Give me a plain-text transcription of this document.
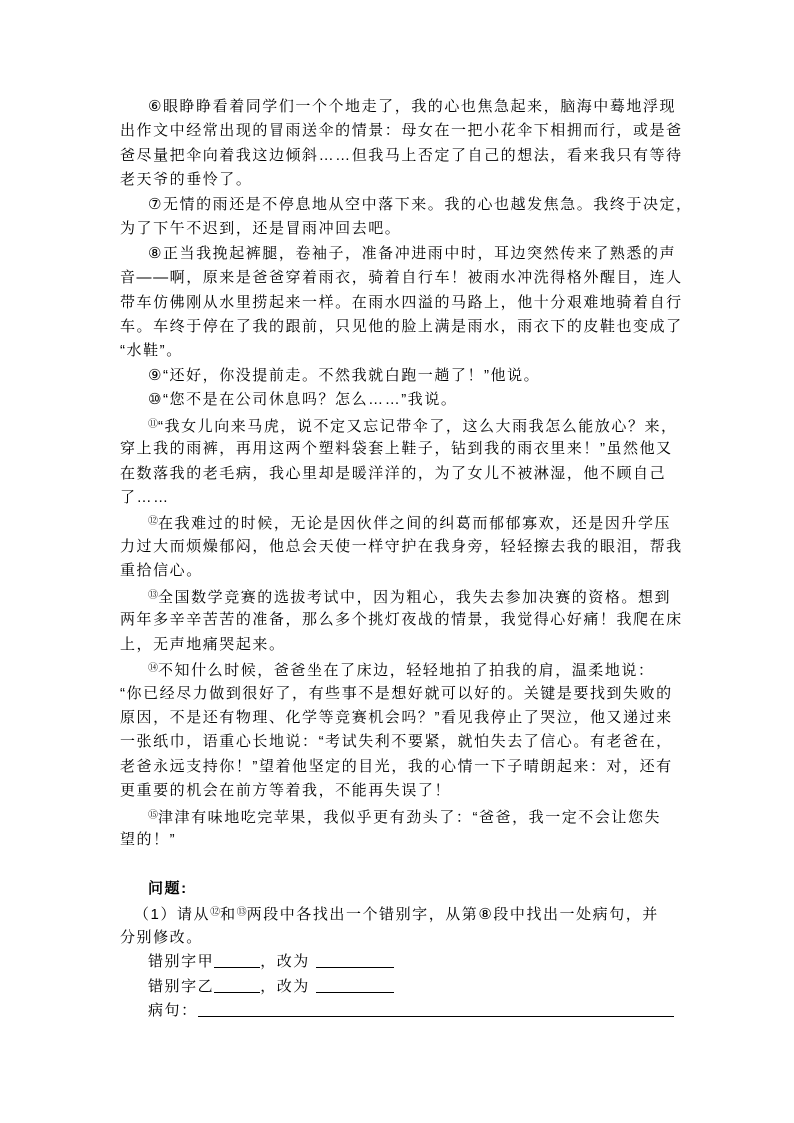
⑥眼睁睁看着同学们一个个地走了，我的心也焦急起来，脑海中蓦地浮现
出作文中经常出现的冒雨送伞的情景：母女在一把小花伞下相拥而行，或是爸
爸尽量把伞向着我这边倾斜……但我马上否定了自己的想法，看来我只有等待
老天爷的垂怜了。
⑦无情的雨还是不停息地从空中落下来。我的心也越发焦急。我终于决定，
为了下午不迟到，还是冒雨冲回去吧。
⑧正当我挽起裤腿，卷袖子，准备冲进雨中时，耳边突然传来了熟悉的声
音——啊，原来是爸爸穿着雨衣，骑着自行车！被雨水冲洗得格外醒目，连人
带车仿佛刚从水里捞起来一样。在雨水四溢的马路上，他十分艰难地骑着自行
车。车终于停在了我的跟前，只见他的脸上满是雨水，雨衣下的皮鞋也变成了
“水鞋”。
⑨“还好，你没提前走。不然我就白跑一趟了！”他说。
⑩“您不是在公司休息吗？怎么……”我说。
⑪“我女儿向来马虎，说不定又忘记带伞了，这么大雨我怎么能放心？来，
穿上我的雨裤，再用这两个塑料袋套上鞋子，钻到我的雨衣里来！”虽然他又
在数落我的老毛病，我心里却是暖洋洋的，为了女儿不被淋湿，他不顾自己
了……
⑫在我难过的时候，无论是因伙伴之间的纠葛而郁郁寡欢，还是因升学压
力过大而烦燥郁闷，他总会天使一样守护在我身旁，轻轻擦去我的眼泪，帮我
重拾信心。
⑬全国数学竞赛的选拔考试中，因为粗心，我失去参加决赛的资格。想到
两年多辛辛苦苦的准备，那么多个挑灯夜战的情景，我觉得心好痛！我爬在床
上，无声地痛哭起来。
⑭不知什么时候，爸爸坐在了床边，轻轻地拍了拍我的肩，温柔地说：
“你已经尽力做到很好了，有些事不是想好就可以好的。关键是要找到失败的
原因，不是还有物理、化学等竞赛机会吗？”看见我停止了哭泣，他又递过来
一张纸巾，语重心长地说：“考试失利不要紧，就怕失去了信心。有老爸在，
老爸永远支持你！”望着他坚定的目光，我的心情一下子晴朗起来：对，还有
更重要的机会在前方等着我，不能再失误了！
⑮津津有味地吃完苹果，我似乎更有劲头了：“爸爸，我一定不会让您失
望的！”
问题:
（1）请从⑫和⑬两段中各找出一个错别字，从第⑧段中找出一处病句，并
分别修改。
错别字甲	，改为
错别字乙	，改为
病句：
